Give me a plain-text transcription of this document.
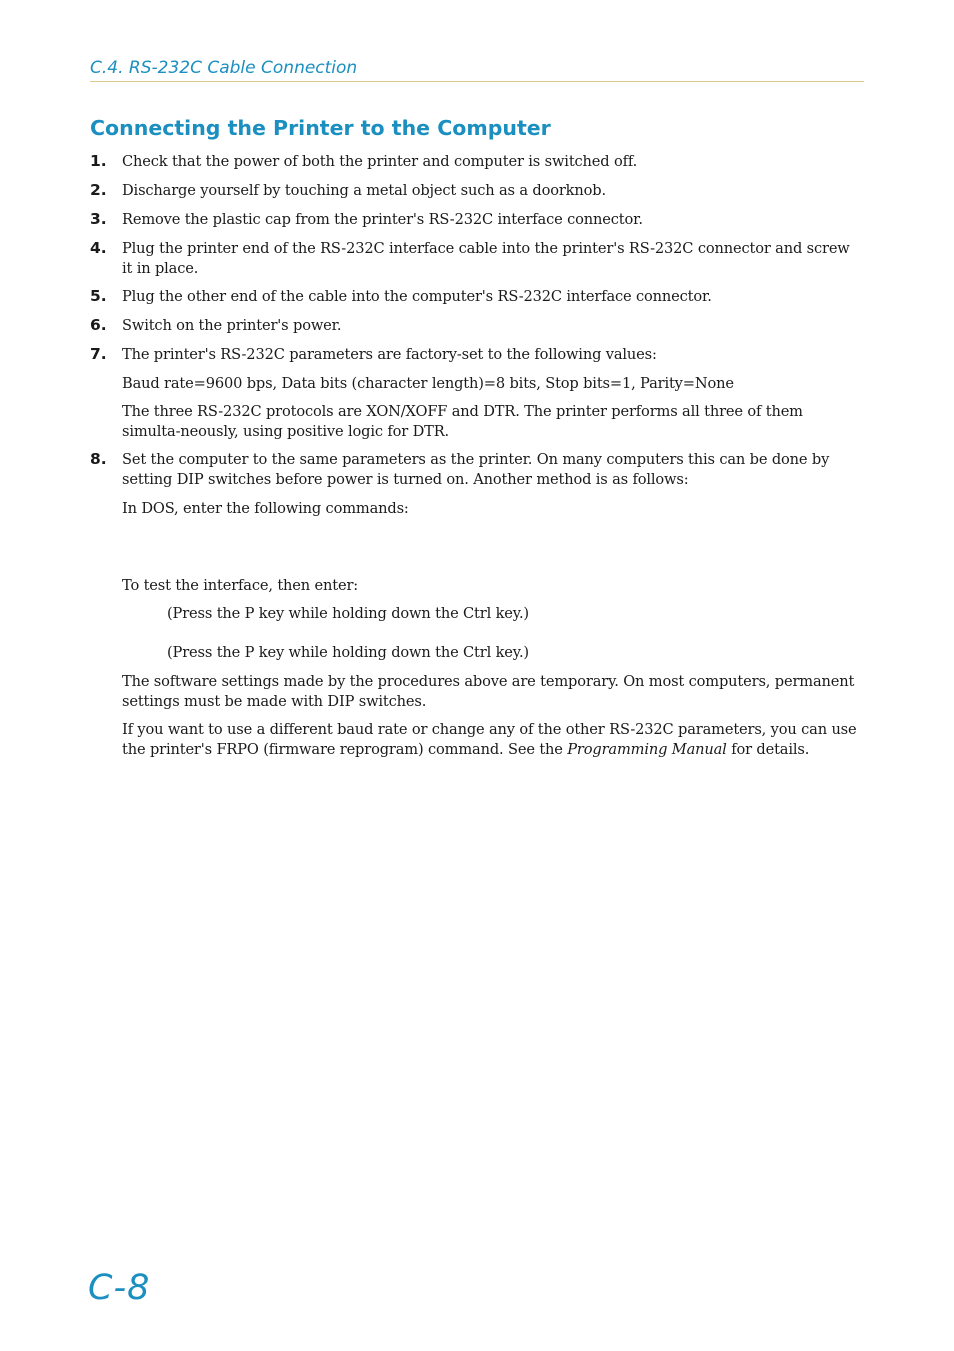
C.4. RS-232C Cable Connection
Connecting the Printer to the Computer
1. Check that the power of both the printer and computer is switched off.
2. Discharge yourself by touching a metal object such as a doorknob.
3. Remove the plastic cap from the printer's RS-232C interface connector.
4. Plug the printer end of the RS-232C interface cable into the printer's RS-232C connector and screw it in place.
5. Plug the other end of the cable into the computer's RS-232C interface connector.
6. Switch on the printer's power.
7. The printer's RS-232C parameters are factory-set to the following values:
Baud rate=9600 bps, Data bits (character length)=8 bits, Stop bits=1, Parity=None
The three RS-232C protocols are XON/XOFF and DTR. The printer performs all three of them simulta-neously, using positive logic for DTR.
8. Set the computer to the same parameters as the printer. On many computers this can be done by setting DIP switches before power is turned on. Another method is as follows:
In DOS, enter the following commands:
To test the interface, then enter:
(Press the P key while holding down the Ctrl key.)
(Press the P key while holding down the Ctrl key.)
The software settings made by the procedures above are temporary. On most computers, permanent settings must be made with DIP switches.
If you want to use a different baud rate or change any of the other RS-232C parameters, you can use the printer's FRPO (firmware reprogram) command. See the Programming Manual for details.
C-8
